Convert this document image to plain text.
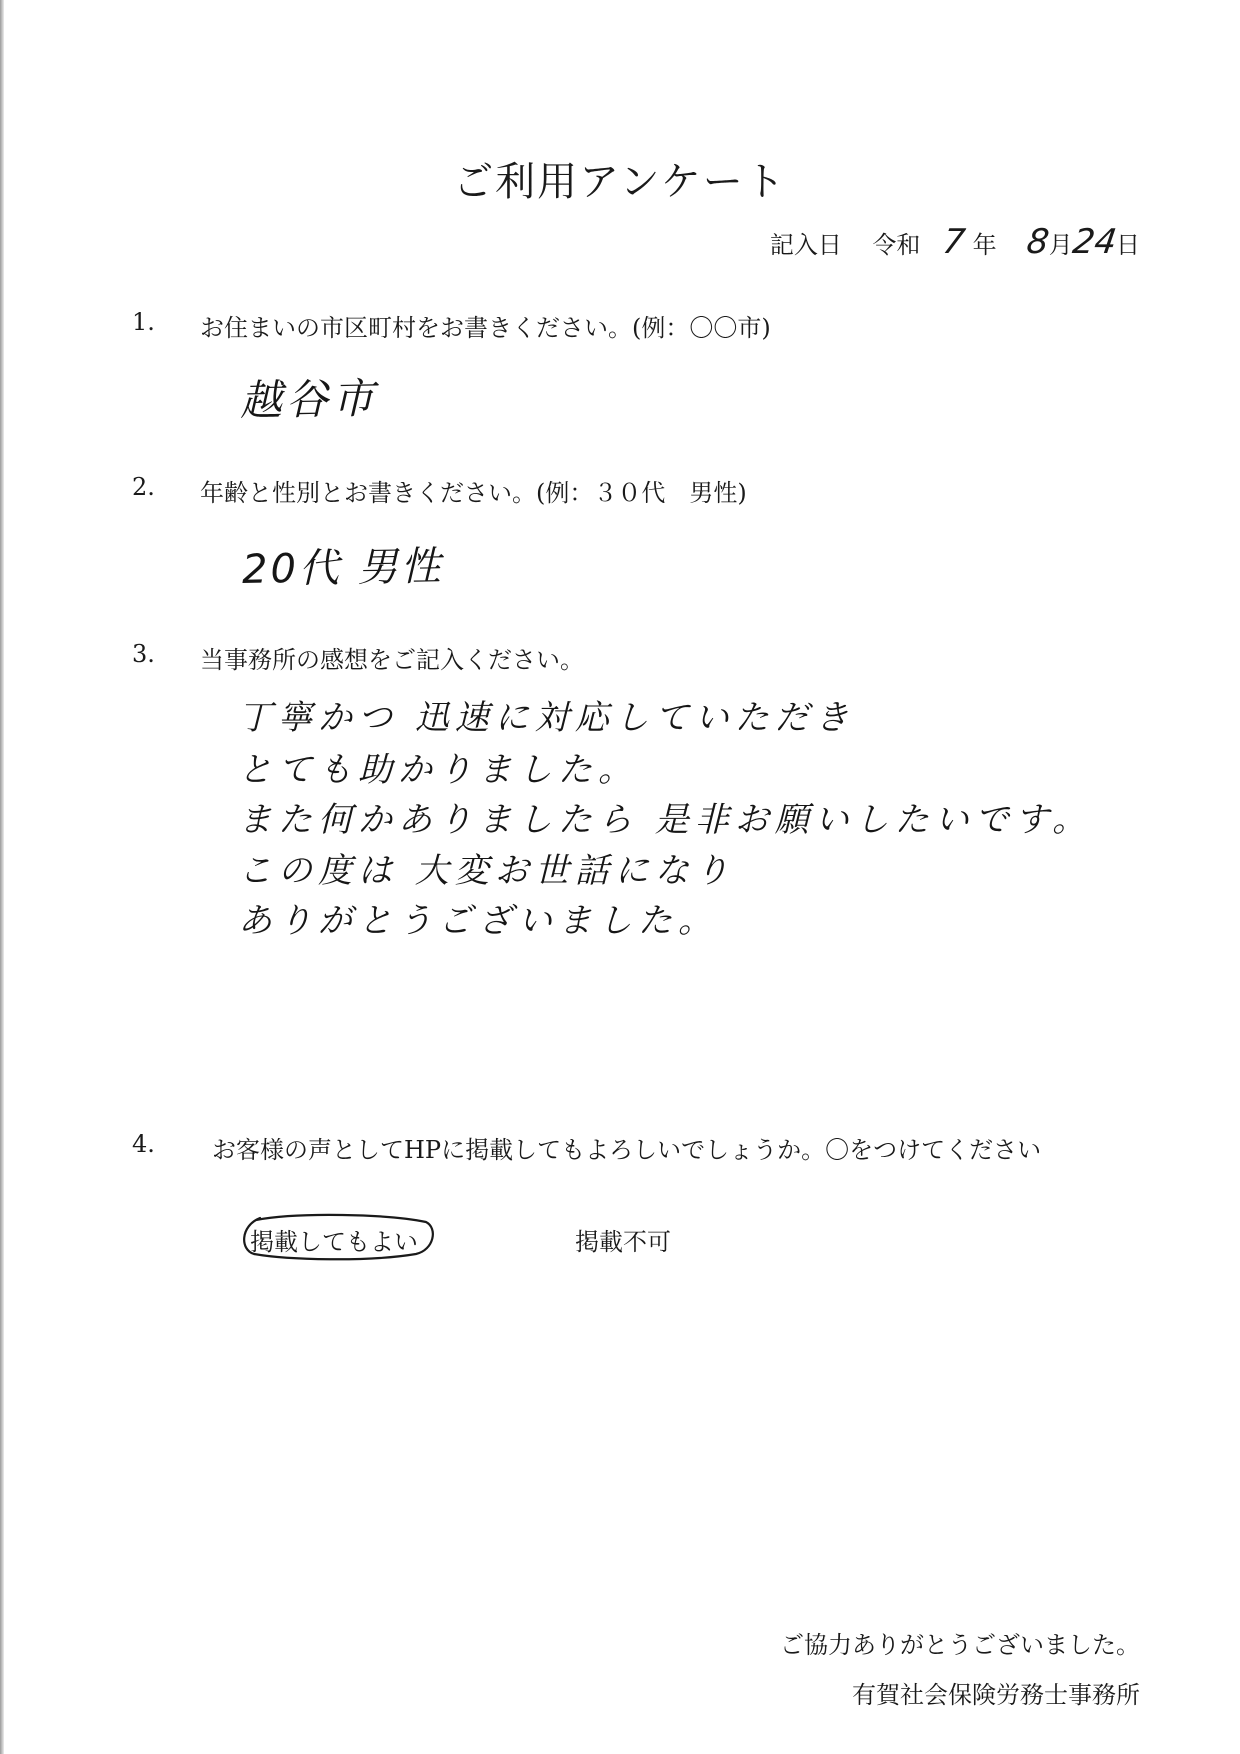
ご利用アンケート
記入日 令和 7 年 8月24日
1. お住まいの市区町村をお書きください。(例：〇〇市)
越谷市
2. 年齢と性別とお書きください。(例：３０代　男性)
20代 男性
3. 当事務所の感想をご記入ください。
丁寧かつ 迅速に対応していただき
とても助かりました。
また何かありましたら 是非お願いしたいです。
この度は 大変お世話になり
ありがとうございました。
4. お客様の声としてHPに掲載してもよろしいでしょうか。〇をつけてください
掲載してもよい	掲載不可
ご協力ありがとうございました。
有賀社会保険労務士事務所
